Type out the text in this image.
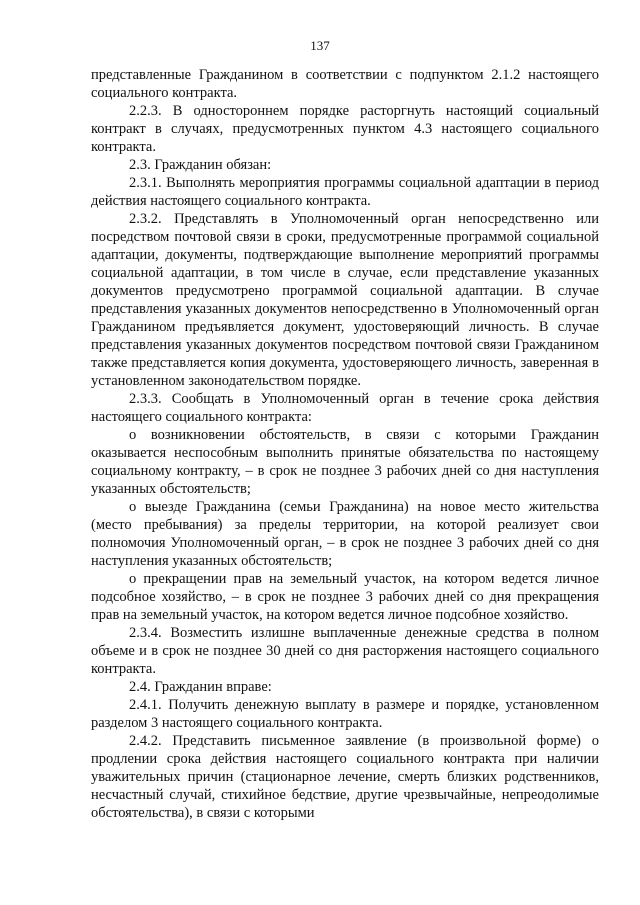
137

представленные Гражданином в соответствии с подпунктом 2.1.2 настоящего социального контракта.

2.2.3. В одностороннем порядке расторгнуть настоящий социальный контракт в случаях, предусмотренных пунктом 4.3 настоящего социального контракта.

2.3. Гражданин обязан:

2.3.1. Выполнять мероприятия программы социальной адаптации в период действия настоящего социального контракта.

2.3.2. Представлять в Уполномоченный орган непосредственно или посредством почтовой связи в сроки, предусмотренные программой социальной адаптации, документы, подтверждающие выполнение мероприятий программы социальной адаптации, в том числе в случае, если представление указанных документов предусмотрено программой социальной адаптации. В случае представления указанных документов непосредственно в Уполномоченный орган Гражданином предъявляется документ, удостоверяющий личность. В случае представления указанных документов посредством почтовой связи Гражданином также представляется копия документа, удостоверяющего личность, заверенная в установленном законодательством порядке.

2.3.3. Сообщать в Уполномоченный орган в течение срока действия настоящего социального контракта:

о возникновении обстоятельств, в связи с которыми Гражданин оказывается неспособным выполнить принятые обязательства по настоящему социальному контракту, – в срок не позднее 3 рабочих дней со дня наступления указанных обстоятельств;

о выезде Гражданина (семьи Гражданина) на новое место жительства (место пребывания) за пределы территории, на которой реализует свои полномочия Уполномоченный орган, – в срок не позднее 3 рабочих дней со дня наступления указанных обстоятельств;

о прекращении прав на земельный участок, на котором ведется личное подсобное хозяйство, – в срок не позднее 3 рабочих дней со дня прекращения прав на земельный участок, на котором ведется личное подсобное хозяйство.

2.3.4. Возместить излишне выплаченные денежные средства в полном объеме и в срок не позднее 30 дней со дня расторжения настоящего социального контракта.

2.4. Гражданин вправе:

2.4.1. Получить денежную выплату в размере и порядке, установленном разделом 3 настоящего социального контракта.

2.4.2. Представить письменное заявление (в произвольной форме) о продлении срока действия настоящего социального контракта при наличии уважительных причин (стационарное лечение, смерть близких родственников, несчастный случай, стихийное бедствие, другие чрезвычайные, непреодолимые обстоятельства), в связи с которыми
